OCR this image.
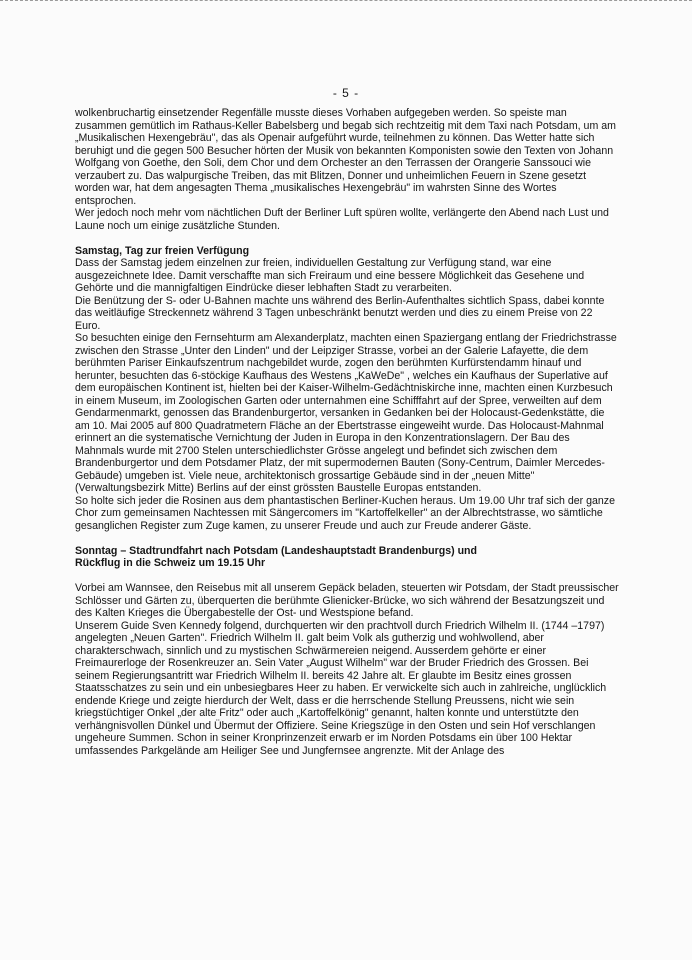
- 5 -

wolkenbruchartig einsetzender Regenfälle musste dieses Vorhaben aufgegeben werden. So speiste man zusammen gemütlich im Rathaus-Keller Babelsberg und begab sich rechtzeitig mit dem Taxi nach Potsdam, um am „Musikalischen Hexengebräu", das als Openair aufgeführt wurde, teilnehmen zu können. Das Wetter hatte sich beruhigt und die gegen 500 Besucher hörten der Musik von bekannten Komponisten sowie den Texten von Johann Wolfgang von Goethe, den Soli, dem Chor und dem Orchester an den Terrassen der Orangerie Sanssouci wie verzaubert zu. Das walpurgische Treiben, das mit Blitzen, Donner und unheimlichen Feuern in Szene gesetzt worden war, hat dem angesagten Thema „musikalisches Hexengebräu" im wahrsten Sinne des Wortes entsprochen.

Wer jedoch noch mehr vom nächtlichen Duft der Berliner Luft spüren wollte, verlängerte den Abend nach Lust und Laune noch um einige zusätzliche Stunden.

Samstag, Tag zur freien Verfügung

Dass der Samstag jedem einzelnen zur freien, individuellen Gestaltung zur Verfügung stand, war eine ausgezeichnete Idee. Damit verschaffte man sich Freiraum und eine bessere Möglichkeit das Gesehene und Gehörte und die mannigfaltigen Eindrücke dieser lebhaften Stadt zu verarbeiten.

Die Benützung der S- oder U-Bahnen machte uns während des Berlin-Aufenthaltes sichtlich Spass, dabei konnte das weitläufige Streckennetz während 3 Tagen unbeschränkt benutzt werden und dies zu einem Preise von 22 Euro.

So besuchten einige den Fernsehturm am Alexanderplatz, machten einen Spaziergang entlang der Friedrichstrasse zwischen den Strasse „Unter den Linden" und der Leipziger Strasse, vorbei an der Galerie Lafayette, die dem berühmten Pariser Einkaufszentrum nachgebildet wurde, zogen den berühmten Kurfürstendamm hinauf und herunter, besuchten das 6-stöckige Kaufhaus des Westens „KaWeDe" , welches ein Kaufhaus der Superlative auf dem europäischen Kontinent ist, hielten bei der Kaiser-Wilhelm-Gedächtniskirche inne, machten einen Kurzbesuch in einem Museum, im Zoologischen Garten oder unternahmen eine Schifffahrt auf der Spree, verweilten auf dem Gendarmenmarkt, genossen das Brandenburgertor, versanken in Gedanken bei der Holocaust-Gedenkstätte, die am 10. Mai 2005 auf 800 Quadratmetern Fläche an der Ebertstrasse eingeweiht wurde. Das Holocaust-Mahnmal erinnert an die systematische Vernichtung der Juden in Europa in den Konzentrationslagern. Der Bau des Mahnmals wurde mit 2700 Stelen unterschiedlichster Grösse angelegt und befindet sich zwischen dem Brandenburgertor und dem Potsdamer Platz, der mit supermodernen Bauten (Sony-Centrum, Daimler Mercedes-Gebäude) umgeben ist. Viele neue, architektonisch grossartige Gebäude sind in der „neuen Mitte" (Verwaltungsbezirk Mitte) Berlins auf der einst grössten Baustelle Europas entstanden.

So holte sich jeder die Rosinen aus dem phantastischen Berliner-Kuchen heraus. Um 19.00 Uhr traf sich der ganze Chor zum gemeinsamen Nachtessen mit Sängercomers im "Kartoffelkeller" an der Albrechtstrasse, wo sämtliche gesanglichen Register zum Zuge kamen, zu unserer Freude und auch zur Freude anderer Gäste.

Sonntag – Stadtrundfahrt nach Potsdam (Landeshauptstadt Brandenburgs) und
Rückflug in die Schweiz um 19.15 Uhr

Vorbei am Wannsee, den Reisebus mit all unserem Gepäck beladen, steuerten wir Potsdam, der Stadt preussischer Schlösser und Gärten zu, überquerten die berühmte Glienicker-Brücke, wo sich während der Besatzungszeit und des Kalten Krieges die Übergabestelle der Ost- und Westspione befand.

Unserem Guide Sven Kennedy folgend, durchquerten wir den prachtvoll durch Friedrich Wilhelm II. (1744 –1797) angelegten „Neuen Garten". Friedrich Wilhelm II. galt beim Volk als gutherzig und wohlwollend, aber charakterschwach, sinnlich und zu mystischen Schwärmereien neigend. Ausserdem gehörte er einer Freimaurerloge der Rosenkreuzer an. Sein Vater „August Wilhelm" war der Bruder Friedrich des Grossen. Bei seinem Regierungsantritt war Friedrich Wilhelm II. bereits 42 Jahre alt. Er glaubte im Besitz eines grossen Staatsschatzes zu sein und ein unbesiegbares Heer zu haben. Er verwickelte sich auch in zahlreiche, unglücklich endende Kriege und zeigte hierdurch der Welt, dass er die herrschende Stellung Preussens, nicht wie sein kriegstüchtiger Onkel „der alte Fritz" oder auch „Kartoffelkönig" genannt, halten konnte und unterstützte den verhängnisvollen Dünkel und Übermut der Offiziere. Seine Kriegszüge in den Osten und sein Hof verschlangen ungeheure Summen. Schon in seiner Kronprinzenzeit erwarb er im Norden Potsdams ein über 100 Hektar umfassendes Parkgelände am Heiliger See und Jungfernsee angrenzte. Mit der Anlage des
